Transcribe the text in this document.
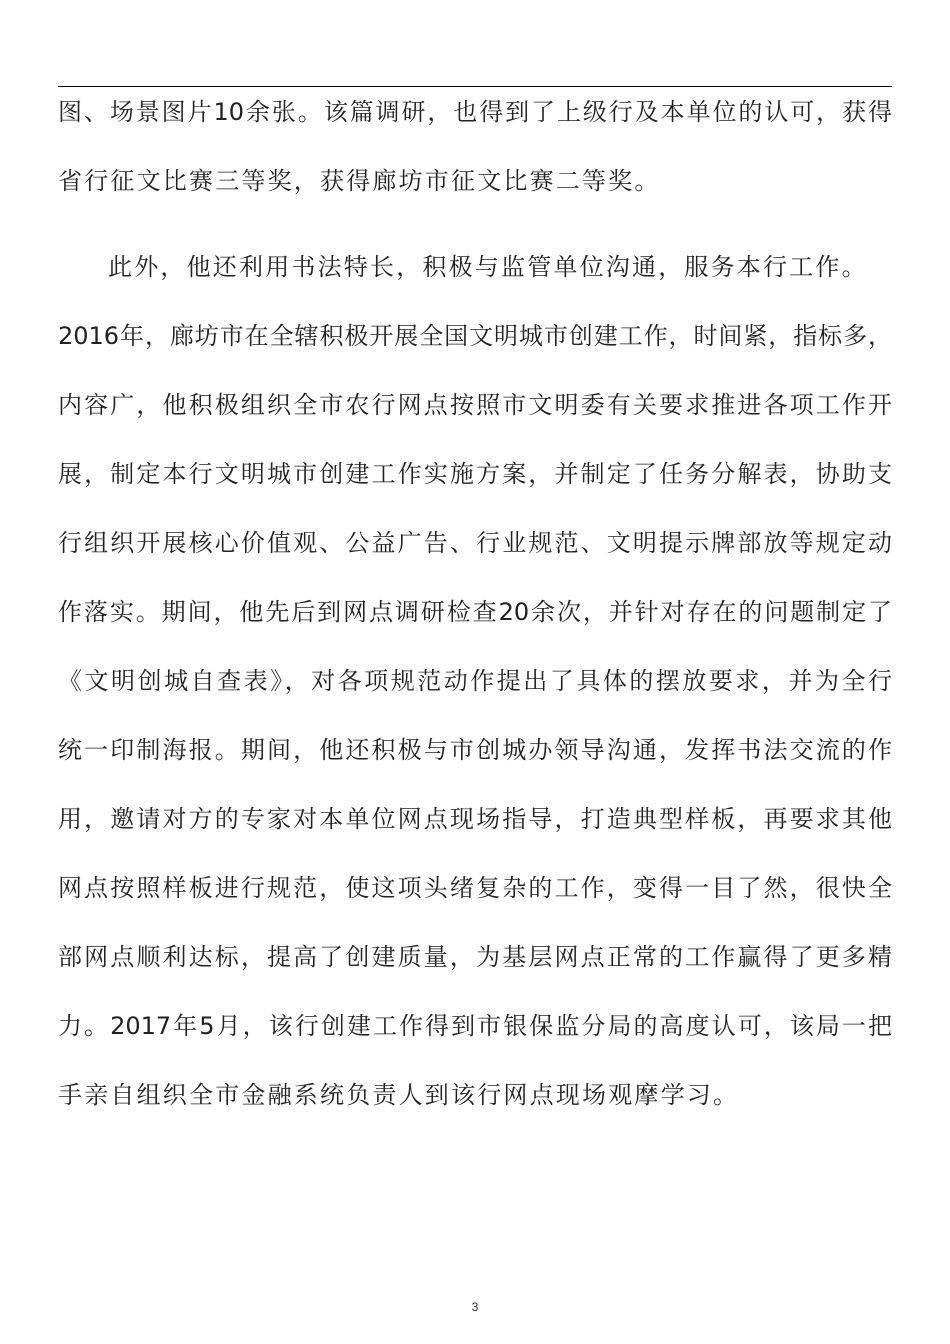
图、场景图片10余张。该篇调研，也得到了上级行及本单位的认可，获得
省行征文比赛三等奖，获得廊坊市征文比赛二等奖。
此外，他还利用书法特长，积极与监管单位沟通，服务本行工作。
2016年，廊坊市在全辖积极开展全国文明城市创建工作，时间紧，指标多，
内容广，他积极组织全市农行网点按照市文明委有关要求推进各项工作开
展，制定本行文明城市创建工作实施方案，并制定了任务分解表，协助支
行组织开展核心价值观、公益广告、行业规范、文明提示牌部放等规定动
作落实。期间，他先后到网点调研检查20余次，并针对存在的问题制定了
《文明创城自查表》，对各项规范动作提出了具体的摆放要求，并为全行
统一印制海报。期间，他还积极与市创城办领导沟通，发挥书法交流的作
用，邀请对方的专家对本单位网点现场指导，打造典型样板，再要求其他
网点按照样板进行规范，使这项头绪复杂的工作，变得一目了然，很快全
部网点顺利达标，提高了创建质量，为基层网点正常的工作赢得了更多精
力。2017年5月，该行创建工作得到市银保监分局的高度认可，该局一把
手亲自组织全市金融系统负责人到该行网点现场观摩学习。
3
